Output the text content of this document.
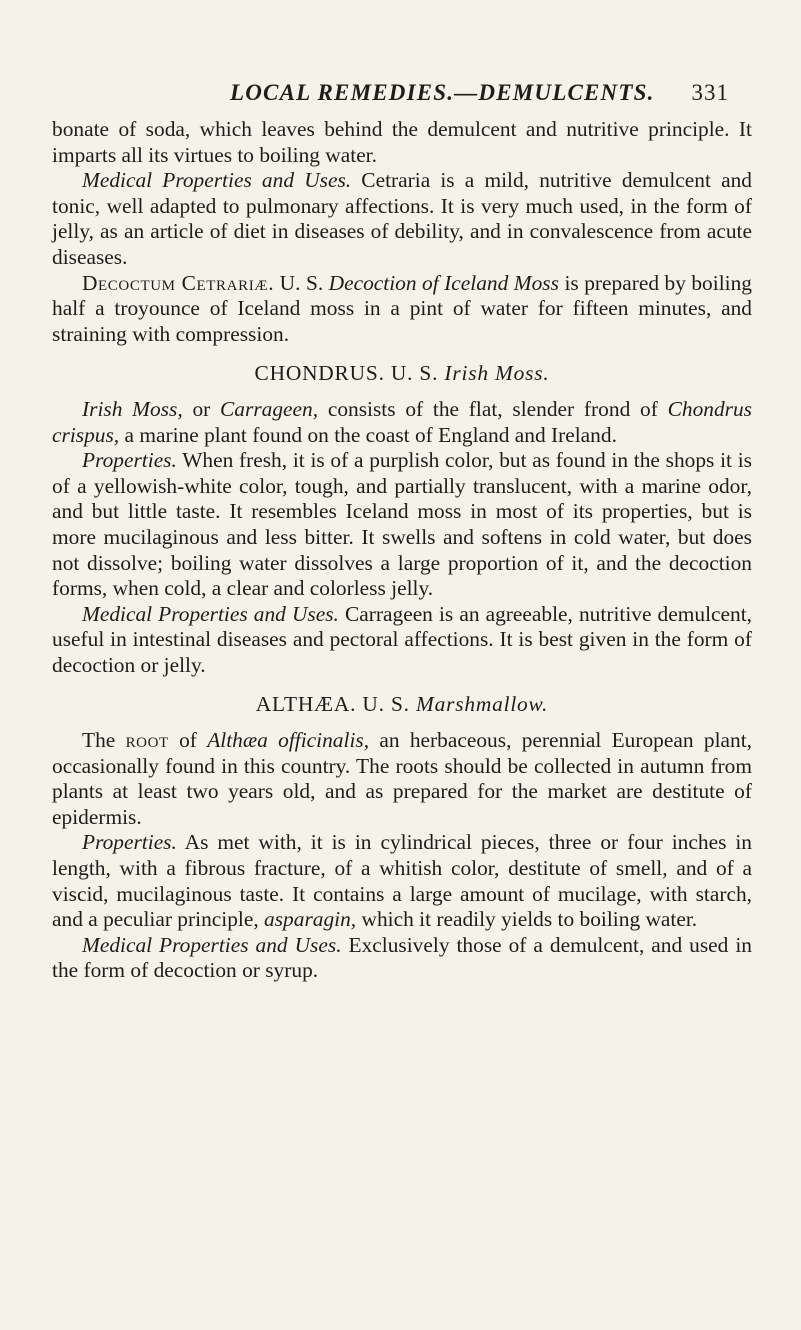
LOCAL REMEDIES.—DEMULCENTS. 331

bonate of soda, which leaves behind the demulcent and nutritive principle. It imparts all its virtues to boiling water.

Medical Properties and Uses. Cetraria is a mild, nutritive demulcent and tonic, well adapted to pulmonary affections. It is very much used, in the form of jelly, as an article of diet in diseases of debility, and in convalescence from acute diseases.

Decoctum Cetrariæ. U. S. Decoction of Iceland Moss is prepared by boiling half a troyounce of Iceland moss in a pint of water for fifteen minutes, and straining with compression.

CHONDRUS. U. S. Irish Moss.

Irish Moss, or Carrageen, consists of the flat, slender frond of Chondrus crispus, a marine plant found on the coast of England and Ireland.

Properties. When fresh, it is of a purplish color, but as found in the shops it is of a yellowish-white color, tough, and partially translucent, with a marine odor, and but little taste. It resembles Iceland moss in most of its properties, but is more mucilaginous and less bitter. It swells and softens in cold water, but does not dissolve; boiling water dissolves a large proportion of it, and the decoction forms, when cold, a clear and colorless jelly.

Medical Properties and Uses. Carrageen is an agreeable, nutritive demulcent, useful in intestinal diseases and pectoral affections. It is best given in the form of decoction or jelly.

ALTHÆA. U. S. Marshmallow.

The root of Althæa officinalis, an herbaceous, perennial European plant, occasionally found in this country. The roots should be collected in autumn from plants at least two years old, and as prepared for the market are destitute of epidermis.

Properties. As met with, it is in cylindrical pieces, three or four inches in length, with a fibrous fracture, of a whitish color, destitute of smell, and of a viscid, mucilaginous taste. It contains a large amount of mucilage, with starch, and a peculiar principle, asparagin, which it readily yields to boiling water.

Medical Properties and Uses. Exclusively those of a demulcent, and used in the form of decoction or syrup.
